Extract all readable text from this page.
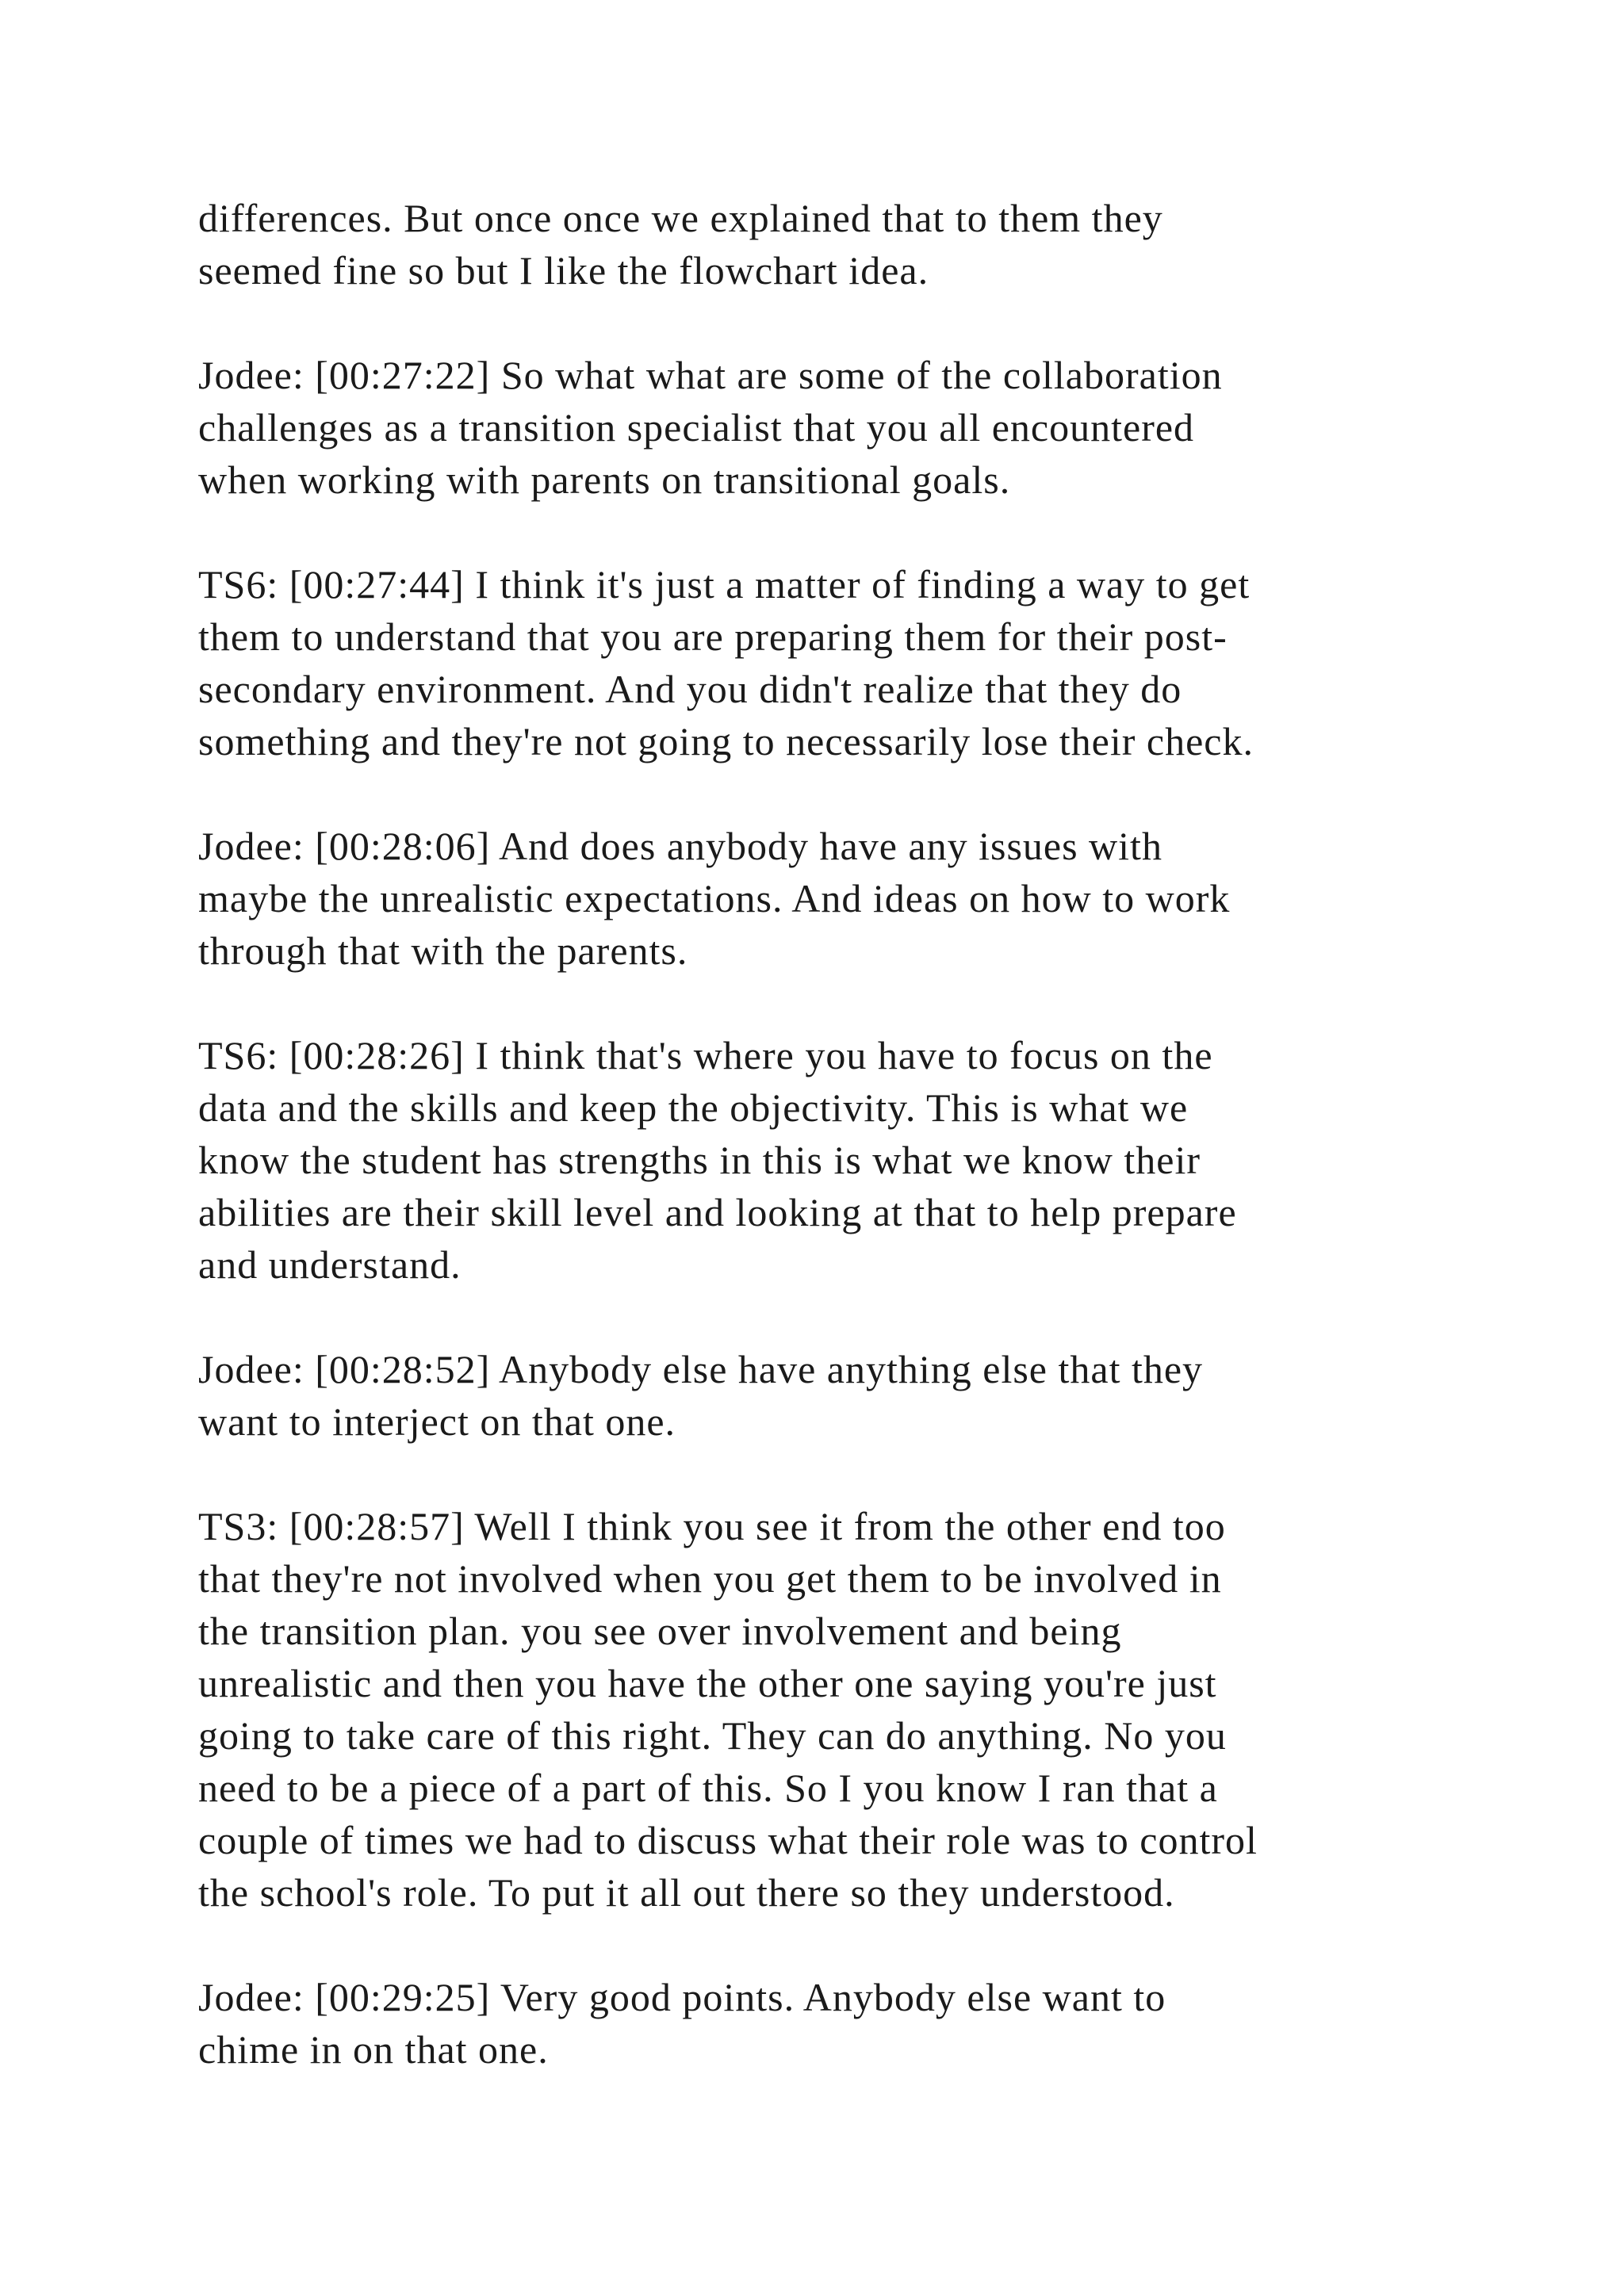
differences. But once once we explained that to them they
seemed fine so but I like the flowchart idea.

Jodee: [00:27:22] So what what are some of the collaboration
challenges as a transition specialist that you all encountered
when working with parents on transitional goals.

TS6: [00:27:44] I think it's just a matter of finding a way to get
them to understand that you are preparing them for their post-
secondary environment. And you didn't realize that they do
something and they're not going to necessarily lose their check.

Jodee: [00:28:06] And does anybody have any issues with
maybe the unrealistic expectations. And ideas on how to work
through that with the parents.

TS6: [00:28:26] I think that's where you have to focus on the
data and the skills and keep the objectivity. This is what we
know the student has strengths in this is what we know their
abilities are their skill level and looking at that to help prepare
and understand.

Jodee: [00:28:52] Anybody else have anything else that they
want to interject on that one.

TS3: [00:28:57] Well I think you see it from the other end too
that they're not involved when you get them to be involved in
the transition plan. you see over involvement and being
unrealistic and then you have the other one saying you're just
going to take care of this right. They can do anything. No you
need to be a piece of a part of this. So I you know I ran that a
couple of times we had to discuss what their role was to control
the school's role. To put it all out there so they understood.

Jodee: [00:29:25] Very good points. Anybody else want to
chime in on that one.
